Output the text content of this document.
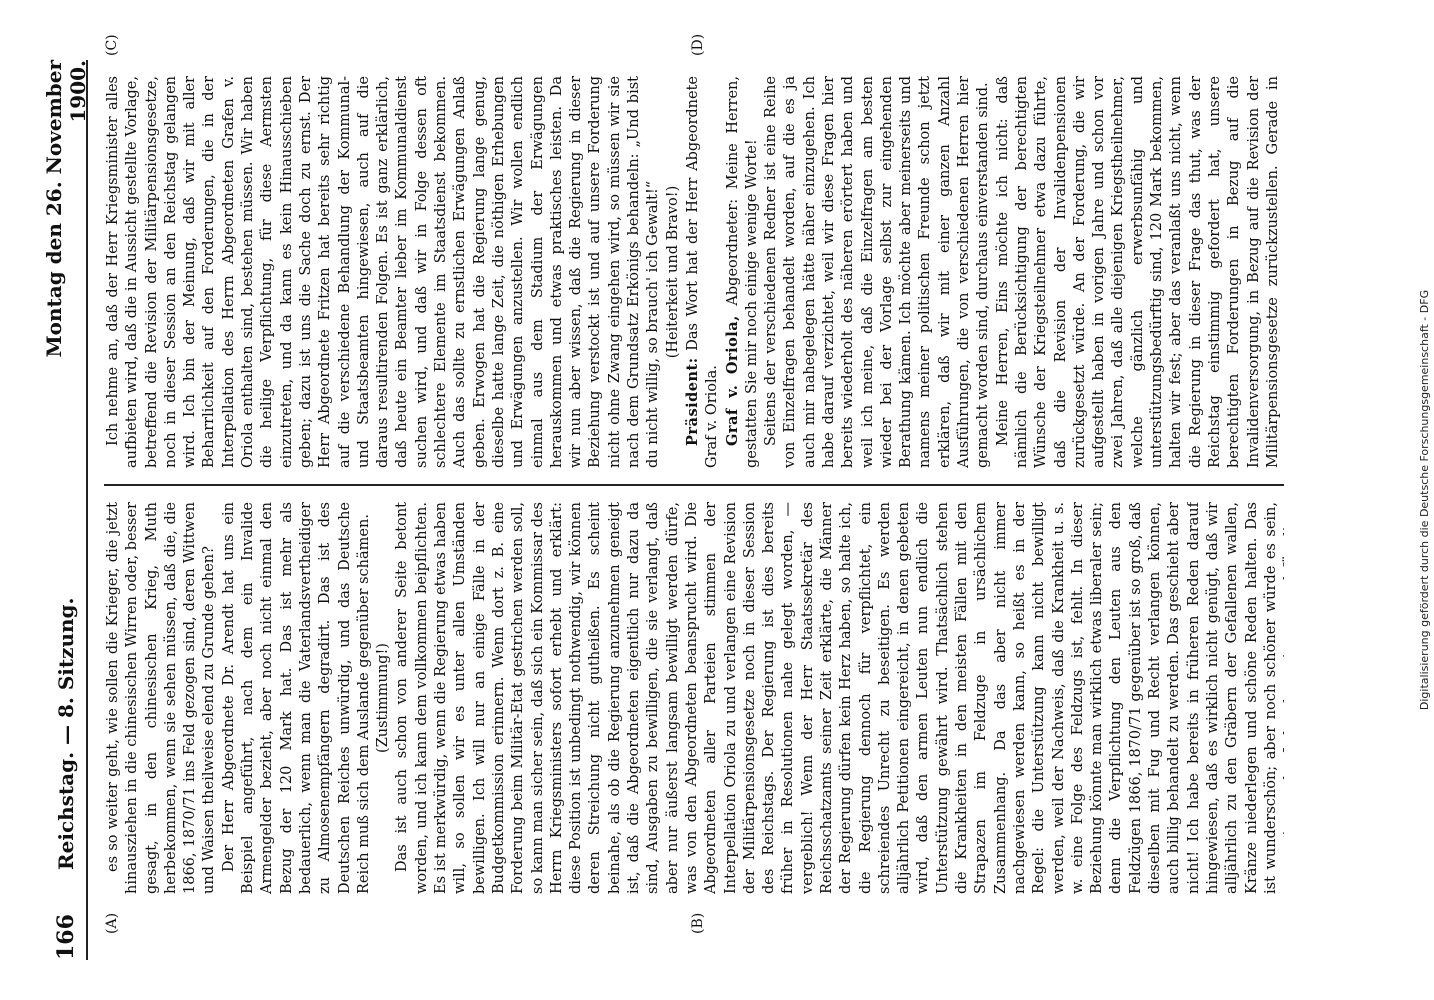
166
Reichstag. — 8. Sitzung.
Montag den 26. November 1900.
(A)	(B)
(C)	(D)

es so weiter geht, wie sollen die Krieger, die jetzt hinausziehen in die chinesischen Wirren oder, besser gesagt, in den chinesischen Krieg, Muth herbekommen, wenn sie sehen müssen, daß die, die 1866, 1870/71 ins Feld gezogen sind, deren Wittwen und Waisen theilweise elend zu Grunde gehen? Der Herr Abgeordnete Dr. Arendt hat uns ein Beispiel angeführt, nach dem ein Invalide Armengelder bezieht, aber noch nicht einmal den Bezug der 120 Mark hat. Das ist mehr als bedauerlich, wenn man die Vaterlandsvertheidiger zu Almosenempfängern degradirt. Das ist des Deutschen Reiches unwürdig, und das Deutsche Reich muß sich dem Auslande gegenüber schämen. (Zustimmung!)

Das ist auch schon von anderer Seite betont worden, und ich kann dem vollkommen beipflichten. Es ist merkwürdig, wenn die Regierung etwas haben will, so sollen wir es unter allen Umständen bewilligen. Ich will nur an einige Fälle in der Budgetkommission erinnern. Wenn dort z. B. eine Forderung beim Militär-Etat gestrichen werden soll, so kann man sicher sein, daß sich ein Kommissar des Herrn Kriegsministers sofort erhebt und erklärt: diese Position ist unbedingt nothwendig, wir können deren Streichung nicht gutheißen. Es scheint beinahe, als ob die Regierung anzunehmen geneigt ist, daß die Abgeordneten eigentlich nur dazu da sind, Ausgaben zu bewilligen, die sie verlangt, daß aber nur äußerst langsam bewilligt werden dürfe, was von den Abgeordneten beansprucht wird. Die Abgeordneten aller Parteien stimmen der Interpellation Oriola zu und verlangen eine Revision der Militärpensionsgesetze noch in dieser Session des Reichstags. Der Regierung ist dies bereits früher in Resolutionen nahe gelegt worden, — vergeblich! Wenn der Herr Staatssekretär des Reichsschatzamts seiner Zeit erklärte, die Männer der Regierung dürfen kein Herz haben, so halte ich, die Regierung dennoch für verpflichtet, ein schreiendes Unrecht zu beseitigen. Es werden alljährlich Petitionen eingereicht, in denen gebeten wird, daß den armen Leuten nun endlich die Unterstützung gewährt wird. Thatsächlich stehen die Krankheiten in den meisten Fällen mit den Strapazen im Feldzuge in ursächlichem Zusammenhang. Da das aber nicht immer nachgewiesen werden kann, so heißt es in der Regel: die Unterstützung kann nicht bewilligt werden, weil der Nachweis, daß die Krankheit u. s. w. eine Folge des Feldzugs ist, fehlt. In dieser Beziehung könnte man wirklich etwas liberaler sein; denn die Verpflichtung den Leuten aus den Feldzügen 1866, 1870/71 gegenüber ist so groß, daß dieselben mit Fug und Recht verlangen können, auch billig behandelt zu werden. Das geschieht aber nicht! Ich habe bereits in früheren Reden darauf hingewiesen, daß es wirklich nicht genügt, daß wir alljährlich zu den Gräbern der Gefallenen wallen, Kränze niederlegen und schöne Reden halten. Das ist wunderschön; aber noch schöner würde es sein,

Ich nehme an, daß der Herr Kriegsminister alles aufbieten wird, daß die in Aussicht gestellte Vorlage, betreffend die Revision der Militärpensionsgesetze, noch in dieser Session an den Reichstag gelangen wird. Ich bin der Meinung, daß wir mit aller Beharrlichkeit auf den Forderungen, die in der Interpellation des Herrn Abgeordneten Grafen v. Oriola enthalten sind, bestehen müssen. Wir haben die heilige Verpflichtung, für diese Aermsten einzutreten, und da kann es kein Hinausschieben geben; dazu ist uns die Sache doch zu ernst. Der Herr Abgeordnete Fritzen hat bereits sehr richtig auf die verschiedene Behandlung der Kommunal- und Staatsbeamten hingewiesen, auch auf die daraus resultirenden Folgen. Es ist ganz erklärlich, daß heute ein Beamter lieber im Kommunaldienst suchen wird, und daß wir in Folge dessen oft schlechtere Elemente im Staatsdienst bekommen. Auch das sollte zu ernstlichen Erwägungen Anlaß geben. Erwogen hat die Regierung lange genug, dieselbe hatte lange Zeit, die nöthigen Erhebungen und Erwägungen anzustellen. Wir wollen endlich einmal aus dem Stadium der Erwägungen herauskommen und etwas praktisches leisten. Da wir nun aber wissen, daß die Regierung in dieser Beziehung verstockt ist und auf unsere Forderung nicht ohne Zwang eingehen wird, so müssen wir sie nach dem Grundsatz Erkönigs behandeln: „Und bist du nicht willig, so brauch' ich Gewalt!“ (Heiterkeit und Bravo!)

Präsident: Das Wort hat der Herr Abgeordnete Graf v. Oriola. Graf v. Oriola, Abgeordneter: Meine Herren, gestatten Sie mir noch einige wenige Worte! Seitens der verschiedenen Redner ist eine Reihe von Einzelfragen behandelt worden, auf die es ja auch mir nahegelegen hätte näher einzugehen. Ich habe darauf verzichtet, weil wir diese Fragen hier bereits wiederholt des näheren erörtert haben und weil ich meine, daß die Einzelfragen am besten wieder bei der Vorlage selbst zur eingehenden Berathung kämen. Ich möchte aber meinerseits und namens meiner politischen Freunde schon jetzt erklären, daß wir mit einer ganzen Anzahl Ausführungen, die von verschiedenen Herren hier gemacht worden sind, durchaus einverstanden sind. Meine Herren, Eins möchte ich nicht: daß nämlich die Berücksichtigung der berechtigten Wünsche der Kriegsteilnehmer etwa dazu führte, daß die Revision der Invalidenpensionen zurückgesetzt würde. An der Forderung, die wir aufgestellt haben in vorigen Jahre und schon vor zwei Jahren, daß alle diejenigen Kriegstheilnehmer, welche gänzlich erwerbsunfähig und unterstützungsbedürftig sind, 120 Mark bekommen, halten wir fest; aber das veranlaßt uns nicht, wenn die Regierung in dieser Frage das thut, was der Reichstag einstimmig gefordert hat, unsere berechtigten Forderungen in Bezug auf die Invalidenversorgung, in Bezug auf die Revision der Militärpensionsgesetze zurückzustellen. Gerade in

Digitalisierung gefördert durch die Deutsche Forschungsgemeinschaft - DFG
